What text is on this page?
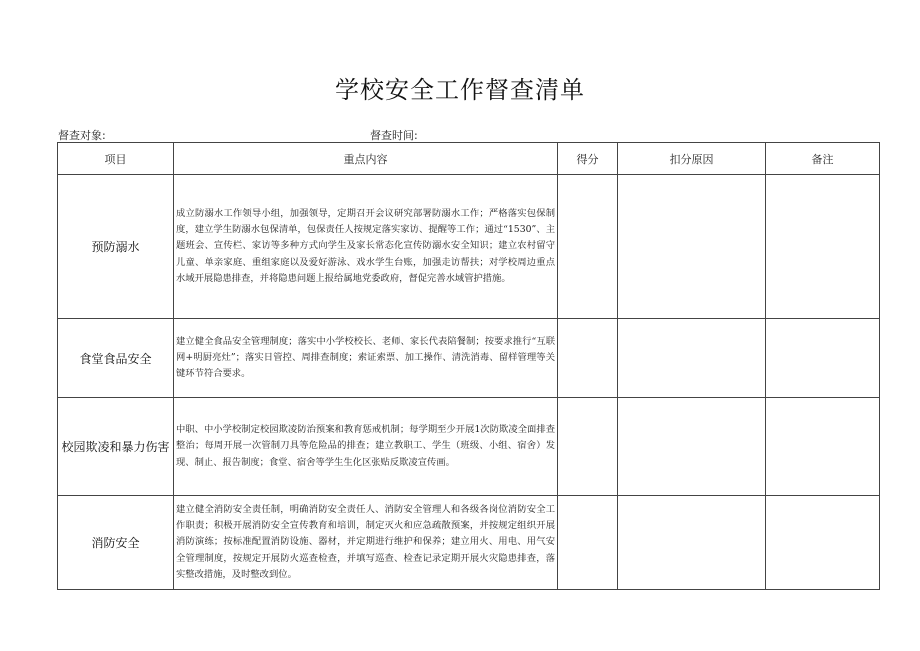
学校安全工作督查清单
督查对象:	督查时间:
项目	重点内容	得分	扣分原因	备注
预防溺水	成立防溺水工作领导小组，加强领导，定期召开会议研究部署防溺水工作；严格落实包保制度，建立学生防溺水包保清单，包保责任人按规定落实家访、提醒等工作；通过“1530”、主题班会、宣传栏、家访等多种方式向学生及家长常态化宣传防溺水安全知识；建立农村留守儿童、单亲家庭、重组家庭以及爱好游泳、戏水学生台账，加强走访帮扶；对学校周边重点水域开展隐患排查，并将隐患问题上报给属地党委政府，督促完善水域管护措施。			

食堂食品安全	建立健全食品安全管理制度；落实中小学校校长、老师、家长代表陪餐制；按要求推行“互联网+明厨亮灶”；落实日管控、周排查制度；索证索票、加工操作、清洗消毒、留样管理等关键环节符合要求。			

校园欺凌和暴力伤害	中职、中小学校制定校园欺凌防治预案和教育惩戒机制；每学期至少开展1次防欺凌全面排查整治；每周开展一次管制刀具等危险品的排查；建立教职工、学生（班级、小组、宿舍）发现、制止、报告制度；食堂、宿舍等学生生化区张贴反欺凌宣传画。			

消防安全	建立健全消防安全责任制，明确消防安全责任人、消防安全管理人和各级各岗位消防安全工作职责；积极开展消防安全宣传教育和培训，制定灭火和应急疏散预案，并按规定组织开展消防演练；按标准配置消防设施、器材，并定期进行维护和保养；建立用火、用电、用气安全管理制度，按规定开展防火巡查检查，并填写巡查、检查记录定期开展火灾隐患排查，落实整改措施，及时整改到位。			
